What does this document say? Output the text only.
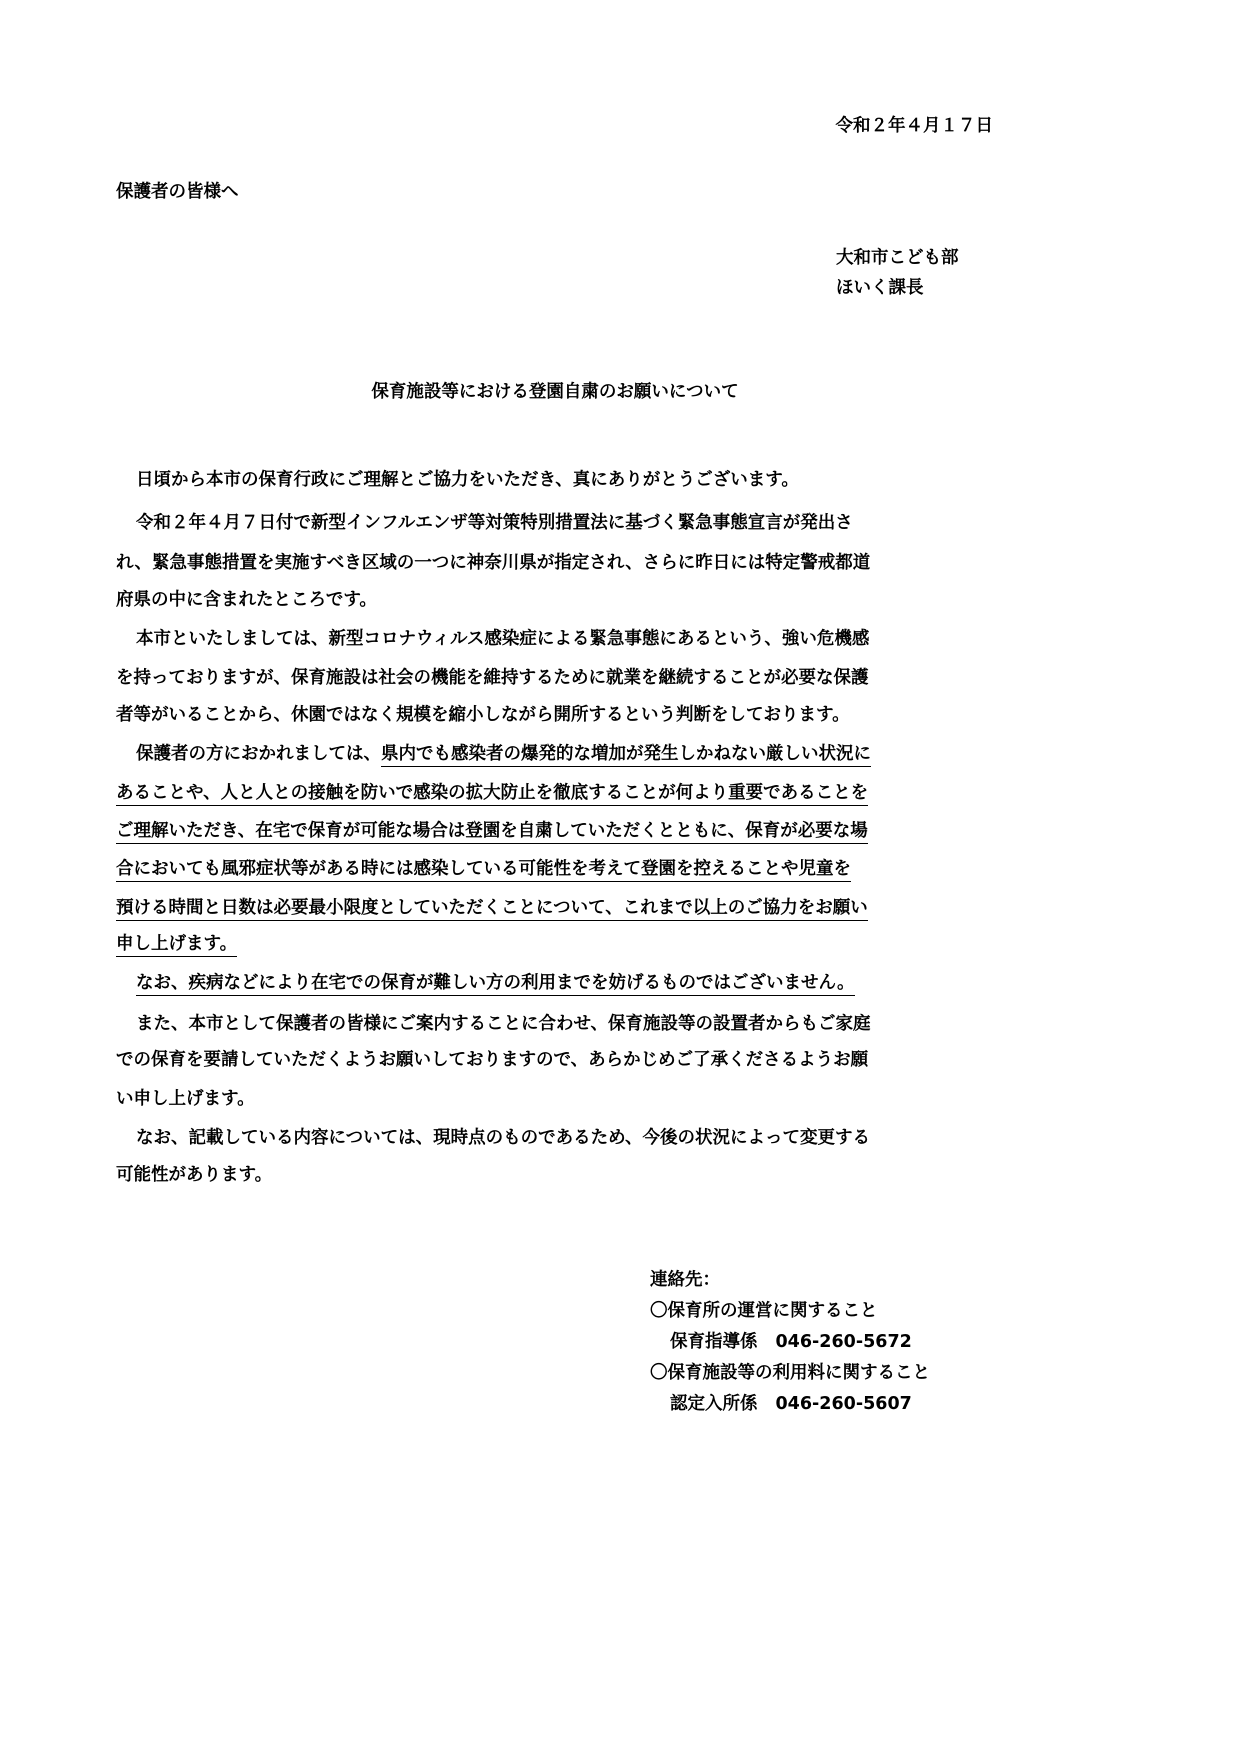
令和２年４月１７日
保護者の皆様へ
大和市こども部
ほいく課長
保育施設等における登園自粛のお願いについて
日頃から本市の保育行政にご理解とご協力をいただき、真にありがとうございます。
令和２年４月７日付で新型インフルエンザ等対策特別措置法に基づく緊急事態宣言が発出さ
れ、緊急事態措置を実施すべき区域の一つに神奈川県が指定され、さらに昨日には特定警戒都道
府県の中に含まれたところです。
本市といたしましては、新型コロナウィルス感染症による緊急事態にあるという、強い危機感
を持っておりますが、保育施設は社会の機能を維持するために就業を継続することが必要な保護
者等がいることから、休園ではなく規模を縮小しながら開所するという判断をしております。
保護者の方におかれましては、県内でも感染者の爆発的な増加が発生しかねない厳しい状況に
あることや、人と人との接触を防いで感染の拡大防止を徹底することが何より重要であることを
ご理解いただき、在宅で保育が可能な場合は登園を自粛していただくとともに、保育が必要な場
合においても風邪症状等がある時には感染している可能性を考えて登園を控えることや児童を
預ける時間と日数は必要最小限度としていただくことについて、これまで以上のご協力をお願い
申し上げます。
なお、疾病などにより在宅での保育が難しい方の利用までを妨げるものではございません。
また、本市として保護者の皆様にご案内することに合わせ、保育施設等の設置者からもご家庭
での保育を要請していただくようお願いしておりますので、あらかじめご了承くださるようお願
い申し上げます。
なお、記載している内容については、現時点のものであるため、今後の状況によって変更する
可能性があります。
連絡先：
〇保育所の運営に関すること
保育指導係 046-260-5672
〇保育施設等の利用料に関すること
認定入所係 046-260-5607
